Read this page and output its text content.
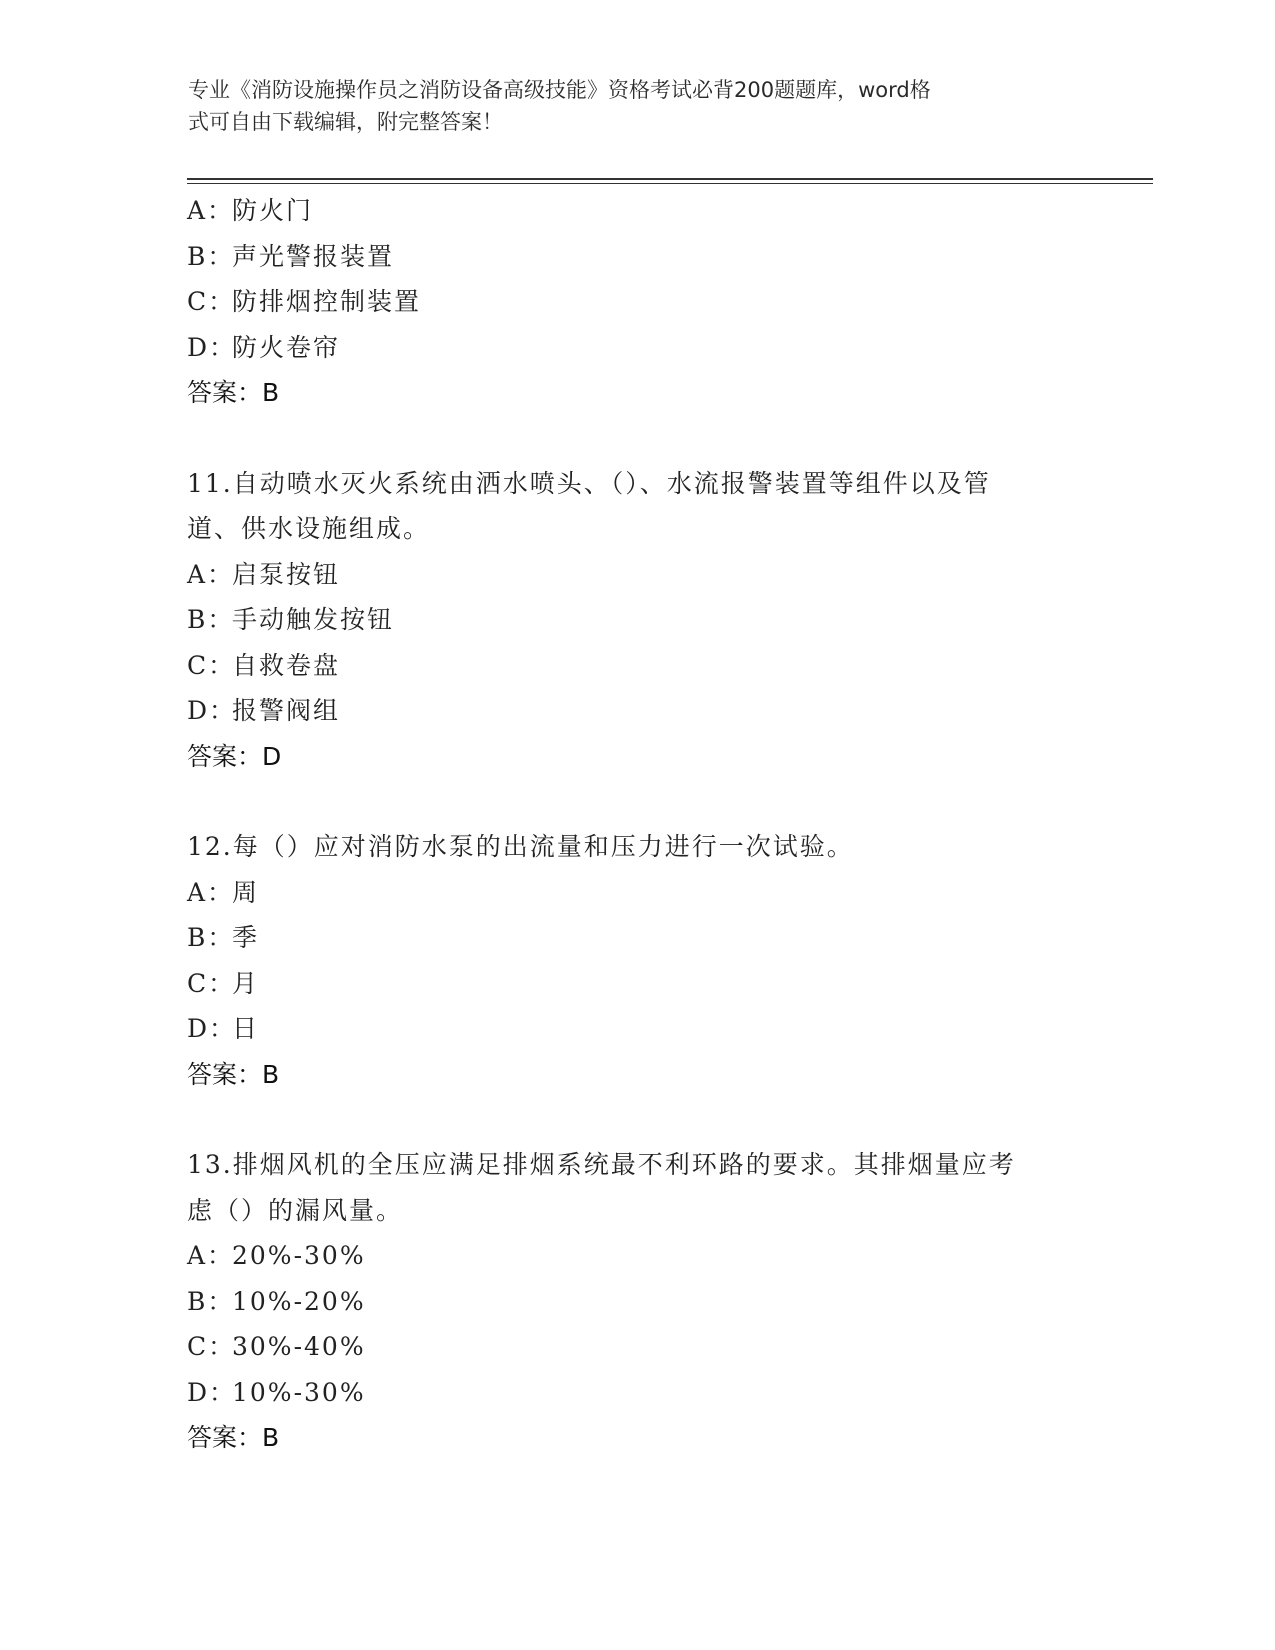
专业《消防设施操作员之消防设备高级技能》资格考试必背200题题库，word格
式可自由下载编辑，附完整答案！
A：防火门
B：声光警报装置
C：防排烟控制装置
D：防火卷帘
答案：B
11.自动喷水灭火系统由洒水喷头、（）、水流报警装置等组件以及管
道、供水设施组成。
A：启泵按钮
B：手动触发按钮
C：自救卷盘
D：报警阀组
答案：D
12.每（）应对消防水泵的出流量和压力进行一次试验。
A：周
B：季
C：月
D：日
答案：B
13.排烟风机的全压应满足排烟系统最不利环路的要求。其排烟量应考
虑（）的漏风量。
A：20%-30%
B：10%-20%
C：30%-40%
D：10%-30%
答案：B
